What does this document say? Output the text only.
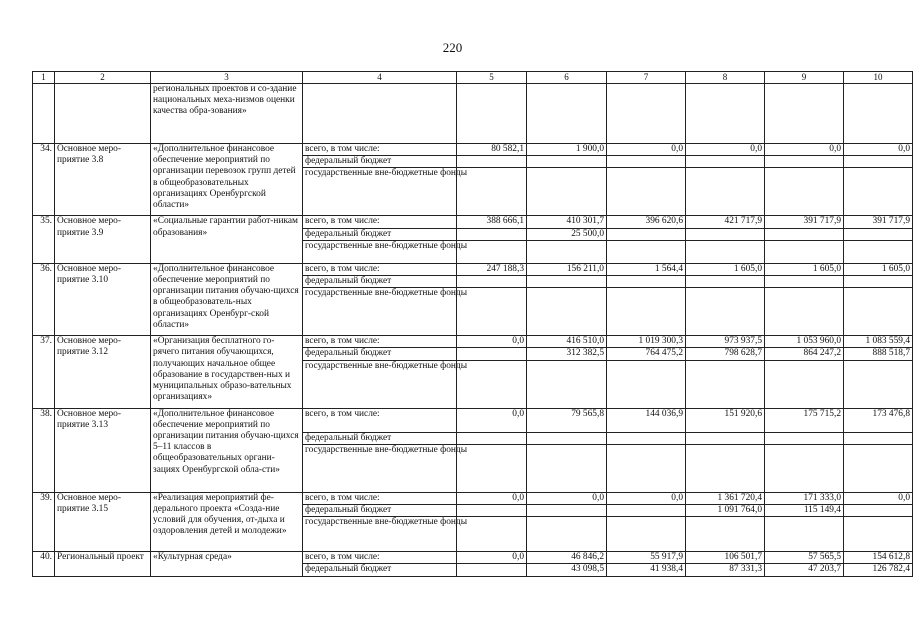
220
1	2	3	4	5	6	7	8	9	10
		региональных проектов и со-здание национальных меха-низмов оценки качества обра-зования»							
34.	Основное меро-приятие 3.8	«Дополнительное финансовое обеспечение мероприятий по организации перевозок групп детей в общеобразовательных организациях Оренбургской области»	всего, в том числе:	80 582,1	1 900,0	0,0	0,0	0,0	0,0
			федеральный бюджет						
			государственные вне-бюджетные фонды						
35.	Основное меро-приятие 3.9	«Социальные гарантии работ-никам образования»	всего, в том числе:	388 666,1	410 301,7	396 620,6	421 717,9	391 717,9	391 717,9
			федеральный бюджет		25 500,0				
			государственные вне-бюджетные фонды						
36.	Основное меро-приятие 3.10	«Дополнительное финансовое обеспечение мероприятий по организации питания обучаю-щихся в общеобразователь-ных организациях Оренбург-ской области»	всего, в том числе:	247 188,3	156 211,0	1 564,4	1 605,0	1 605,0	1 605,0
			федеральный бюджет						
			государственные вне-бюджетные фонды						
37.	Основное меро-приятие 3.12	«Организация бесплатного го-рячего питания обучающихся, получающих начальное общее образование в государствен-ных и муниципальных образо-вательных организациях»	всего, в том числе:	0,0	416 510,0	1 019 300,3	973 937,5	1 053 960,0	1 083 559,4
			федеральный бюджет		312 382,5	764 475,2	798 628,7	864 247,2	888 518,7
			государственные вне-бюджетные фонды						
38.	Основное меро-приятие 3.13	«Дополнительное финансовое обеспечение мероприятий по организации питания обучаю-щихся 5–11 классов в общеобразовательных органи-зациях Оренбургской обла-сти»	всего, в том числе:	0,0	79 565,8	144 036,9	151 920,6	175 715,2	173 476,8
			федеральный бюджет						
			государственные вне-бюджетные фонды						
39.	Основное меро-приятие 3.15	«Реализация мероприятий фе-дерального проекта «Созда-ние условий для обучения, от-дыха и оздоровления детей и молодежи»	всего, в том числе:	0,0	0,0	0,0	1 361 720,4	171 333,0	0,0
			федеральный бюджет				1 091 764,0	115 149,4	
			государственные вне-бюджетные фонды						
40.	Региональный проект	«Культурная среда»	всего, в том числе:	0,0	46 846,2	55 917,9	106 501,7	57 565,5	154 612,8
			федеральный бюджет		43 098,5	41 938,4	87 331,3	47 203,7	126 782,4
